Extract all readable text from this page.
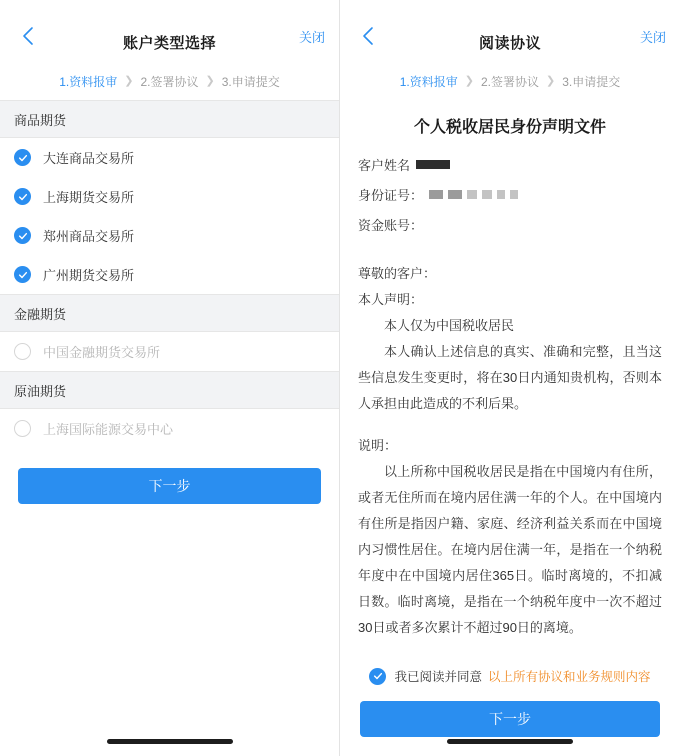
账户类型选择	关闭
1.资料报审 ❯ 2.签署协议 ❯ 3.申请提交
商品期货
大连商品交易所
上海期货交易所
郑州商品交易所
广州期货交易所
金融期货
中国金融期货交易所
原油期货
上海国际能源交易中心
下一步
阅读协议	关闭
1.资料报审 ❯ 2.签署协议 ❯ 3.申请提交
个人税收居民身份声明文件
客户姓名
身份证号：
资金账号：

尊敬的客户：

本人声明：

本人仅为中国税收居民

本人确认上述信息的真实、准确和完整，且当这些信息发生变更时，将在30日内通知贵机构，否则本人承担由此造成的不利后果。

说明：

以上所称中国税收居民是指在中国境内有住所，或者无住所而在境内居住满一年的个人。在中国境内有住所是指因户籍、家庭、经济利益关系而在中国境内习惯性居住。在境内居住满一年，是指在一个纳税年度中在中国境内居住365日。临时离境的，不扣减日数。临时离境，是指在一个纳税年度中一次不超过30日或者多次累计不超过90日的离境。

我已阅读并同意 以上所有协议和业务规则内容
下一步
